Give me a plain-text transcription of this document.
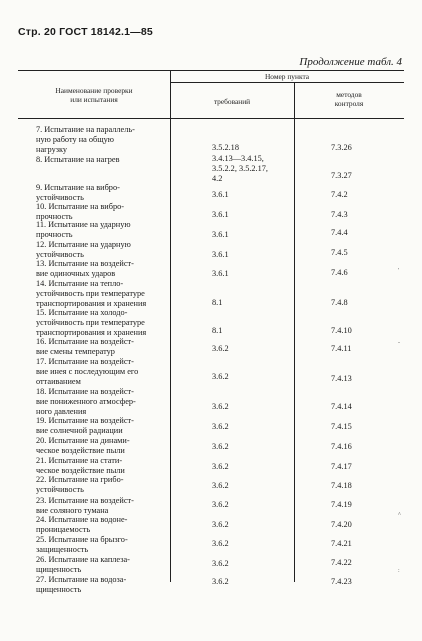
Стр. 20 ГОСТ 18142.1—85
Продолжение табл. 4
Наименование проверки
или испытания
Номер пункта
требований
методов
контроля
7. Испытание на параллель-
ную работу на общую
нагрузку	3.5.2.18	7.3.26
8. Испытание на нагрев	3.4.13—3.4.15,
3.5.2.2, 3.5.2.17,
4.2	7.3.27
9. Испытание на вибро-
устойчивость	3.6.1	7.4.2
10. Испытание на вибро-
прочность	3.6.1	7.4.3
11. Испытание на ударную
прочность	3.6.1	7.4.4
12. Испытание на ударную
устойчивость	3.6.1	7.4.5
13. Испытание на воздейст-
вие одиночных ударов	3.6.1	7.4.6
14. Испытание на тепло-
устойчивость при температуре
транспортирования и хранения	8.1	7.4.8
15. Испытание на холодо-
устойчивость при температуре
транспортирования и хранения	8.1	7.4.10
16. Испытание на воздейст-
вие смены температур	3.6.2	7.4.11
17. Испытание на воздейст-
вие инея с последующим его
оттаиванием
3.6.2	7.4.13
18. Испытание на воздейст-
вие пониженного атмосфер-
ного давления
3.6.2	7.4.14
19. Испытание на воздейст-
вие солнечной радиации	3.6.2	7.4.15
20. Испытание на динами-
ческое воздействие пыли	3.6.2	7.4.16
21. Испытание на стати-
ческое воздействие пыли	3.6.2	7.4.17
22. Испытание на грибо-
устойчивость	3.6.2	7.4.18
23. Испытание на воздейст-
вие соляного тумана
3.6.2	7.4.19
24. Испытание на водоне-
проницаемость
3.6.2	7.4.20
25. Испытание на брызго-
защищенность
3.6.2	7.4.21
26. Испытание на каплеза-
щищенность
3.6.2	7.4.22
27. Испытание на водоза-
щищенность
3.6.2	7.4.23
'
-
^
:
